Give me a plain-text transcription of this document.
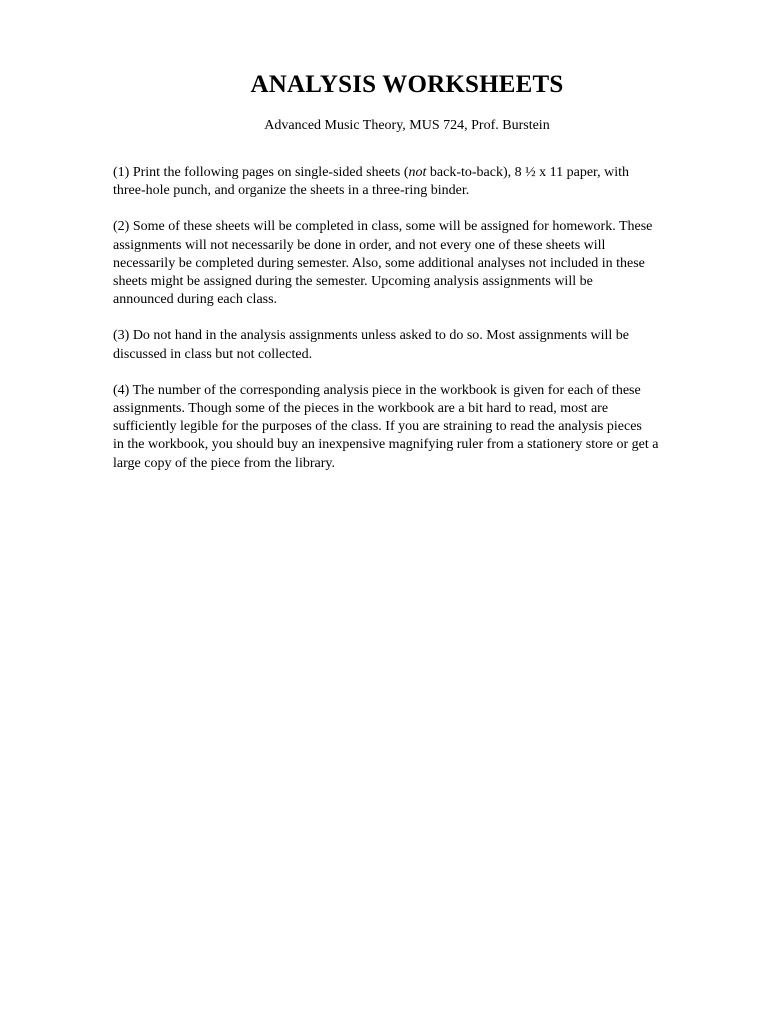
ANALYSIS WORKSHEETS

Advanced Music Theory, MUS 724, Prof. Burstein

(1) Print the following pages on single-sided sheets (not back-to-back), 8 ½ x 11 paper, with
three-hole punch, and organize the sheets in a three-ring binder.

(2) Some of these sheets will be completed in class, some will be assigned for homework. These
assignments will not necessarily be done in order, and not every one of these sheets will
necessarily be completed during semester. Also, some additional analyses not included in these
sheets might be assigned during the semester. Upcoming analysis assignments will be
announced during each class.

(3) Do not hand in the analysis assignments unless asked to do so. Most assignments will be
discussed in class but not collected.

(4) The number of the corresponding analysis piece in the workbook is given for each of these
assignments. Though some of the pieces in the workbook are a bit hard to read, most are
sufficiently legible for the purposes of the class. If you are straining to read the analysis pieces
in the workbook, you should buy an inexpensive magnifying ruler from a stationery store or get a
large copy of the piece from the library.
